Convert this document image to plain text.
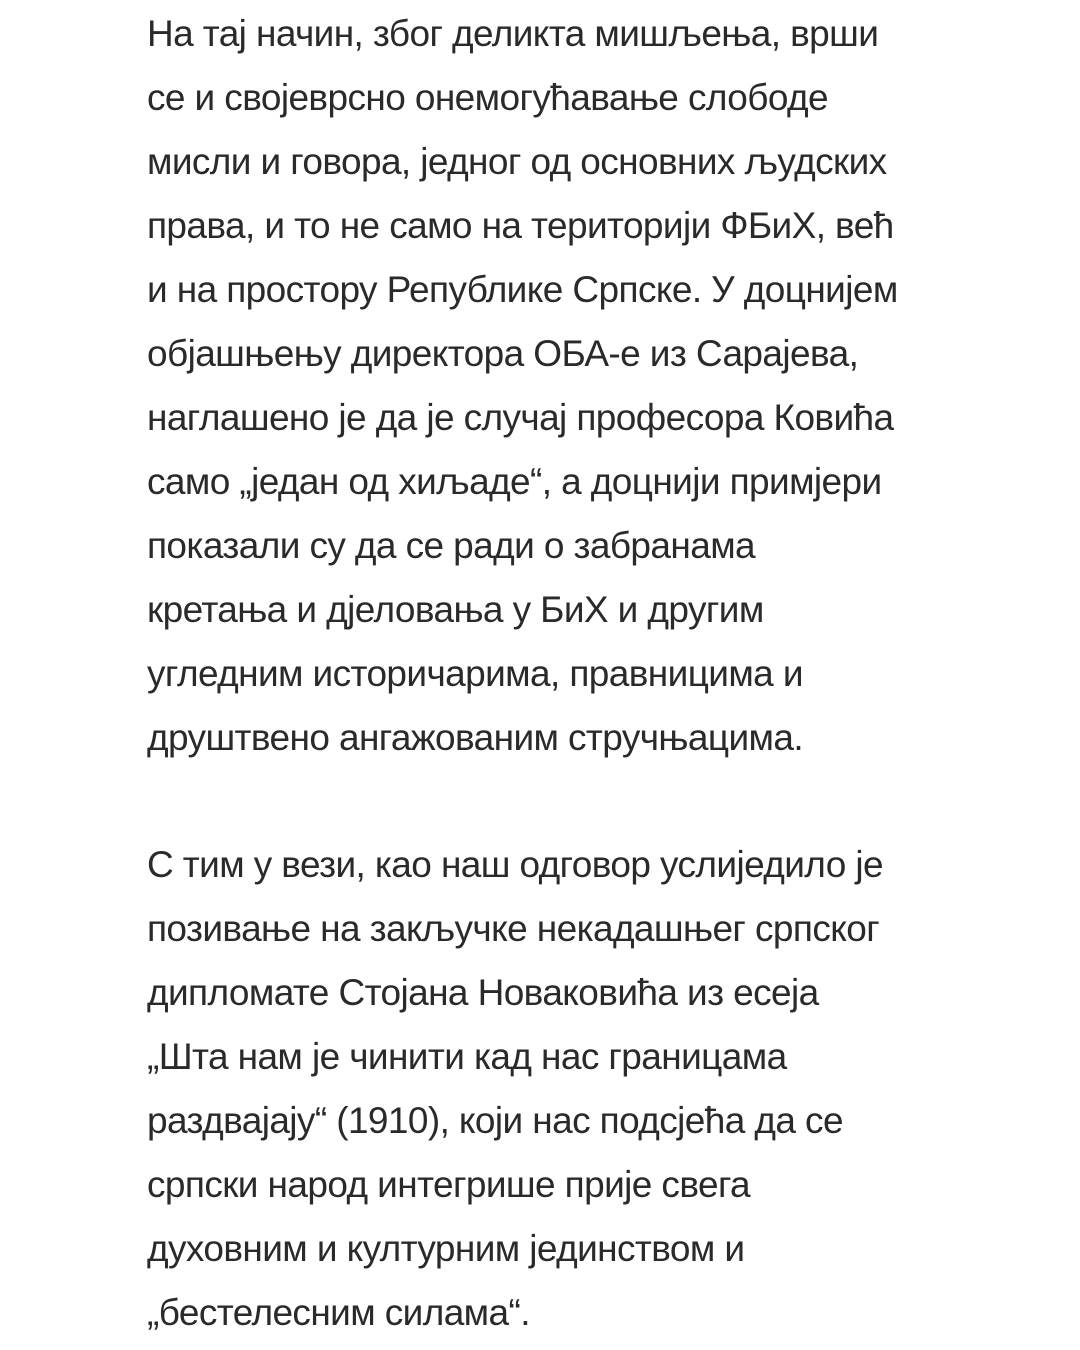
На тај начин, због деликта мишљења, врши
се и својеврсно онемогућавање слободе
мисли и говора, једног од основних људских
права, и то не само на територији ФБиХ, већ
и на простору Републике Српске. У доцнијем
објашњењу директора ОБА-е из Сарајева,
наглашено је да је случај професора Ковића
само „један од хиљаде“, а доцнији примјери
показали су да се ради о забранама
кретања и дјеловања у БиХ и другим
угледним историчарима, правницима и
друштвено ангажованим стручњацима.
С тим у вези, као наш одговор услиједило је
позивање на закључке некадашњег српског
дипломате Стојана Новаковића из есеја
„Шта нам је чинити кад нас границама
раздвајају“ (1910), који нас подсјећа да се
српски народ интегрише прије свега
духовним и културним јединством и
„бестелесним силама“.
